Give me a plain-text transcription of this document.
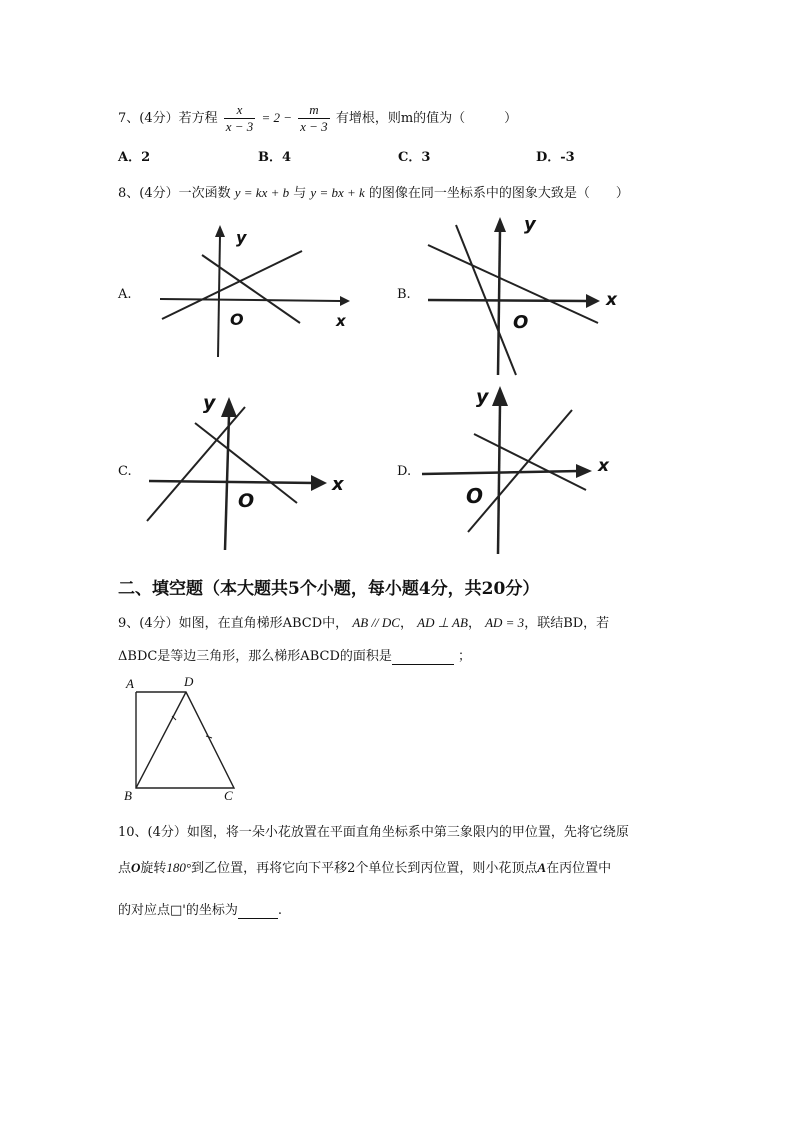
7、(4分）若方程 $\frac{x}{x - 3} = 2 - \frac{m}{x - 3}$ 有增根，则m的值为（　　　）
A．2	B．4	C．3	D．-3
8、(4分）一次函数 y = kx + b 与 y = bx + k 的图像在同一坐标系中的图象大致是（　　）
A.
y
x
O
B.
y
x
O
C.
y
x
O
D.
y
x
O
二、填空题（本大题共5个小题，每小题4分，共20分）
9、(4分）如图，在直角梯形ABCD中， AB // DC， AD ⊥ AB， AD = 3，联结BD，若
ΔBDC是等边三角形，那么梯形ABCD的面积是	；
A	D
B	C
10、(4分）如图，将一朵小花放置在平面直角坐标系中第三象限内的甲位置，先将它绕原
点O旋转180°到乙位置，再将它向下平移2个单位长到丙位置，则小花顶点A在丙位置中
的对应点□'的坐标为	.
